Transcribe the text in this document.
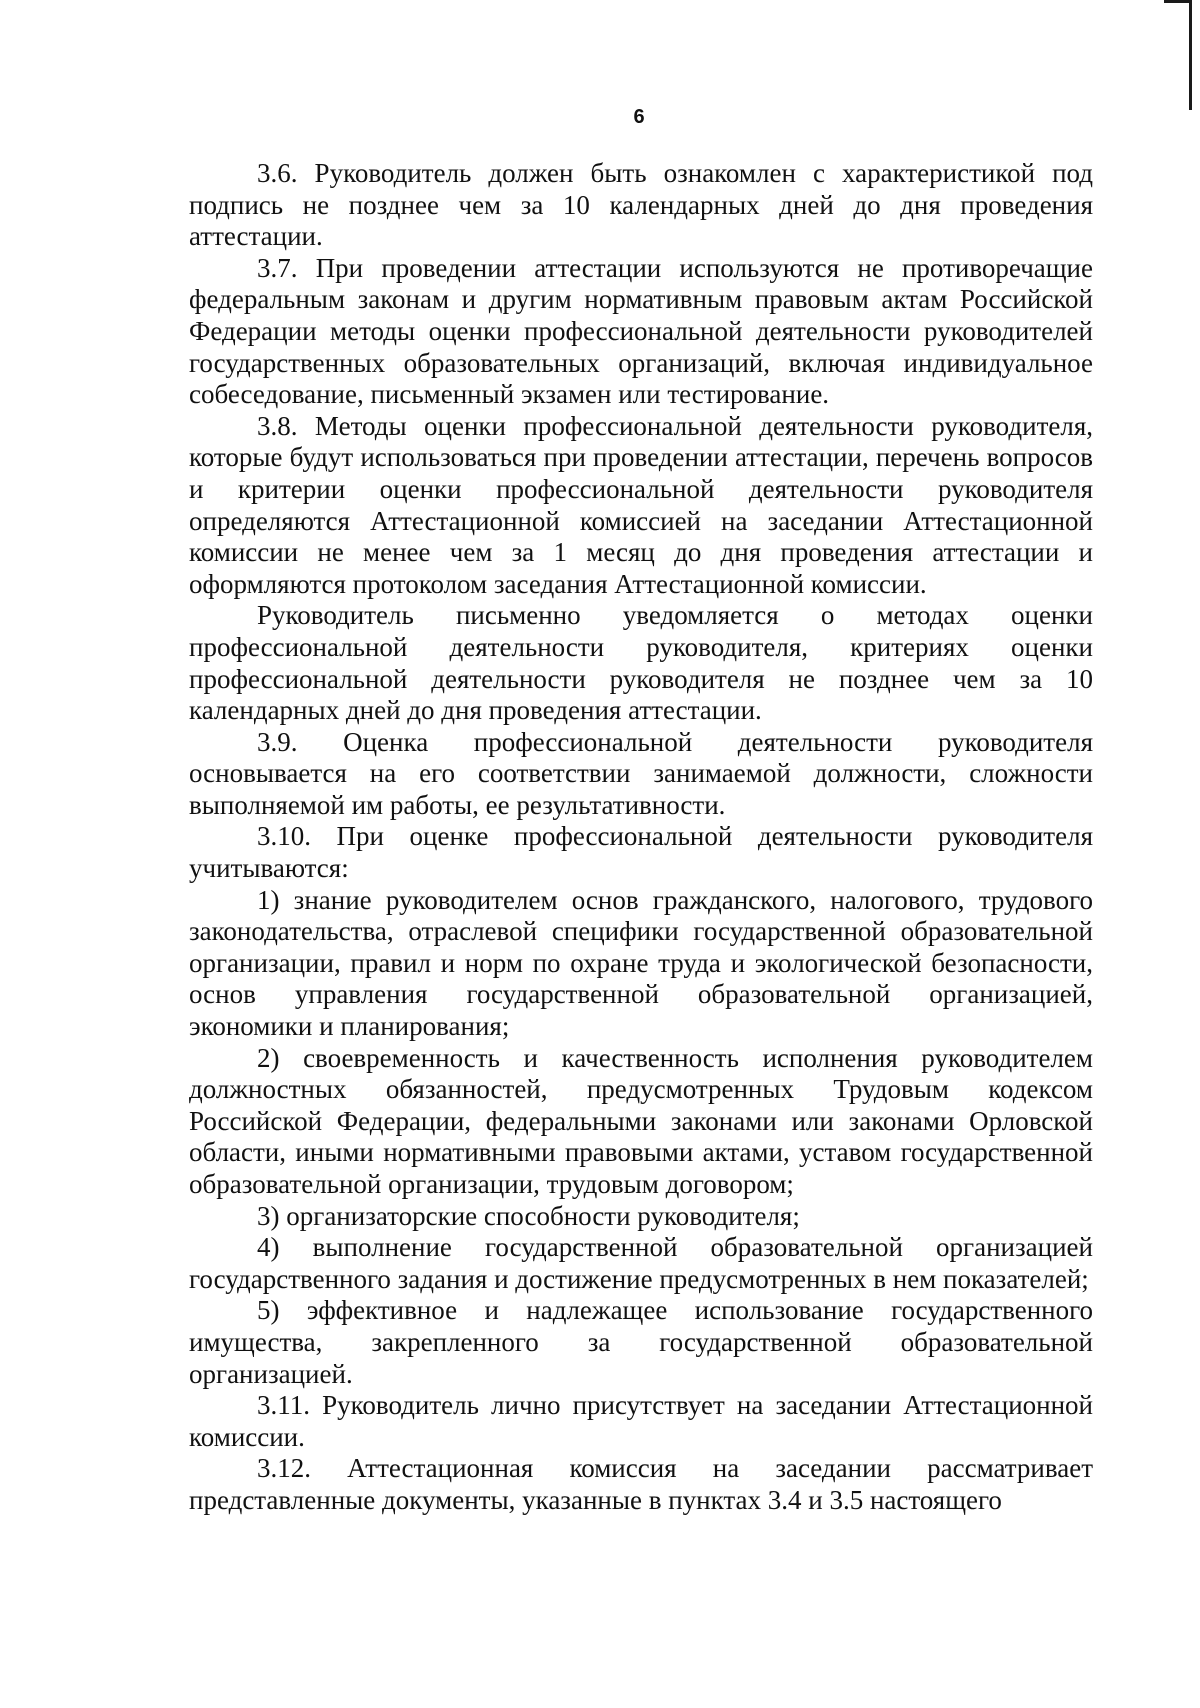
6

3.6. Руководитель должен быть ознакомлен с характеристикой под подпись не позднее чем за 10 календарных дней до дня проведения аттестации.

3.7. При проведении аттестации используются не противоречащие федеральным законам и другим нормативным правовым актам Российской Федерации методы оценки профессиональной деятельности руководителей государственных образовательных организаций, включая индивидуальное собеседование, письменный экзамен или тестирование.

3.8. Методы оценки профессиональной деятельности руководителя, которые будут использоваться при проведении аттестации, перечень вопросов и критерии оценки профессиональной деятельности руководителя определяются Аттестационной комиссией на заседании Аттестационной комиссии не менее чем за 1 месяц до дня проведения аттестации и оформляются протоколом заседания Аттестационной комиссии.

Руководитель письменно уведомляется о методах оценки профессиональной деятельности руководителя, критериях оценки профессиональной деятельности руководителя не позднее чем за 10 календарных дней до дня проведения аттестации.

3.9. Оценка профессиональной деятельности руководителя основывается на его соответствии занимаемой должности, сложности выполняемой им работы, ее результативности.

3.10. При оценке профессиональной деятельности руководителя учитываются:

1) знание руководителем основ гражданского, налогового, трудового законодательства, отраслевой специфики государственной образовательной организации, правил и норм по охране труда и экологической безопасности, основ управления государственной образовательной организацией, экономики и планирования;

2) своевременность и качественность исполнения руководителем должностных обязанностей, предусмотренных Трудовым кодексом Российской Федерации, федеральными законами или законами Орловской области, иными нормативными правовыми актами, уставом государственной образовательной организации, трудовым договором;

3) организаторские способности руководителя;

4) выполнение государственной образовательной организацией государственного задания и достижение предусмотренных в нем показателей;

5) эффективное и надлежащее использование государственного имущества, закрепленного за государственной образовательной организацией.

3.11. Руководитель лично присутствует на заседании Аттестационной комиссии.

3.12. Аттестационная комиссия на заседании рассматривает представленные документы, указанные в пунктах 3.4 и 3.5 настоящего
